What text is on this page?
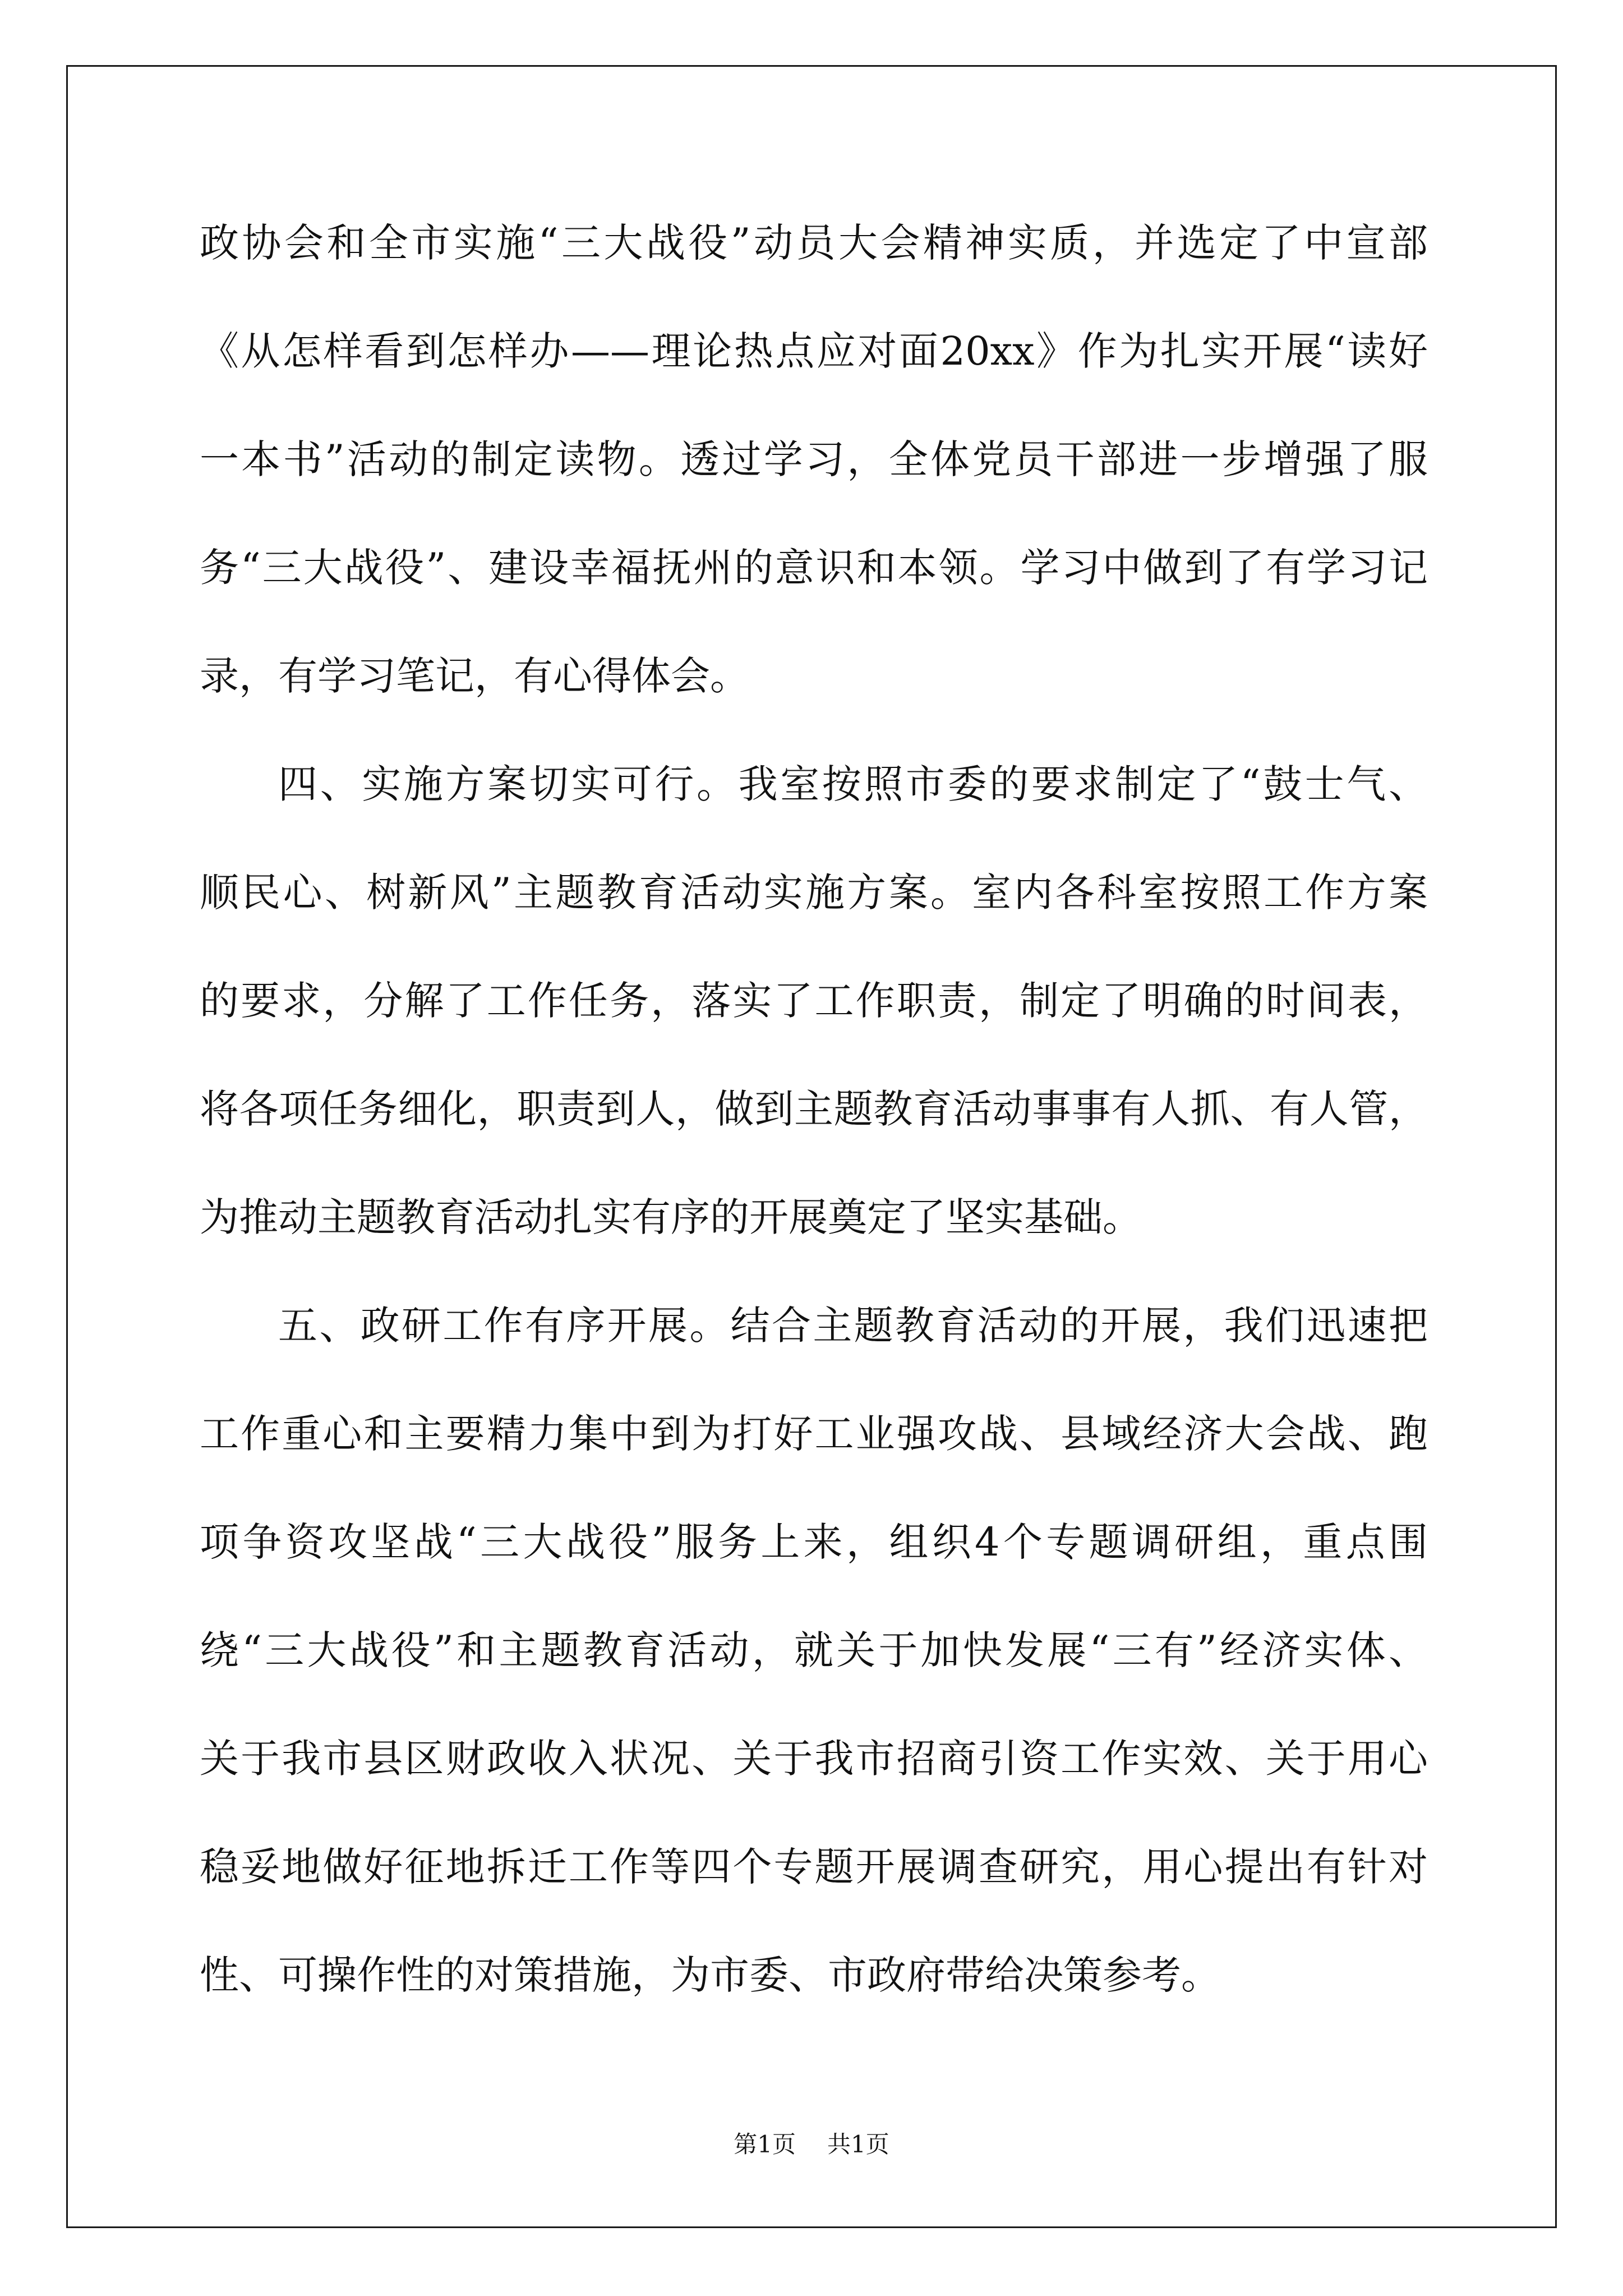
政协会和全市实施“三大战役”动员大会精神实质，并选定了中宣部
《从怎样看到怎样办——理论热点应对面20xx》作为扎实开展“读好
一本书”活动的制定读物。透过学习，全体党员干部进一步增强了服
务“三大战役”、建设幸福抚州的意识和本领。学习中做到了有学习记
录，有学习笔记，有心得体会。
四、实施方案切实可行。我室按照市委的要求制定了“鼓士气、
顺民心、树新风”主题教育活动实施方案。室内各科室按照工作方案
的要求，分解了工作任务，落实了工作职责，制定了明确的时间表，
将各项任务细化，职责到人，做到主题教育活动事事有人抓、有人管，
为推动主题教育活动扎实有序的开展奠定了坚实基础。
五、政研工作有序开展。结合主题教育活动的开展，我们迅速把
工作重心和主要精力集中到为打好工业强攻战、县域经济大会战、跑
项争资攻坚战“三大战役”服务上来，组织4个专题调研组，重点围
绕“三大战役”和主题教育活动，就关于加快发展“三有”经济实体、
关于我市县区财政收入状况、关于我市招商引资工作实效、关于用心
稳妥地做好征地拆迁工作等四个专题开展调查研究，用心提出有针对
性、可操作性的对策措施，为市委、市政府带给决策参考。
第1页 共1页
